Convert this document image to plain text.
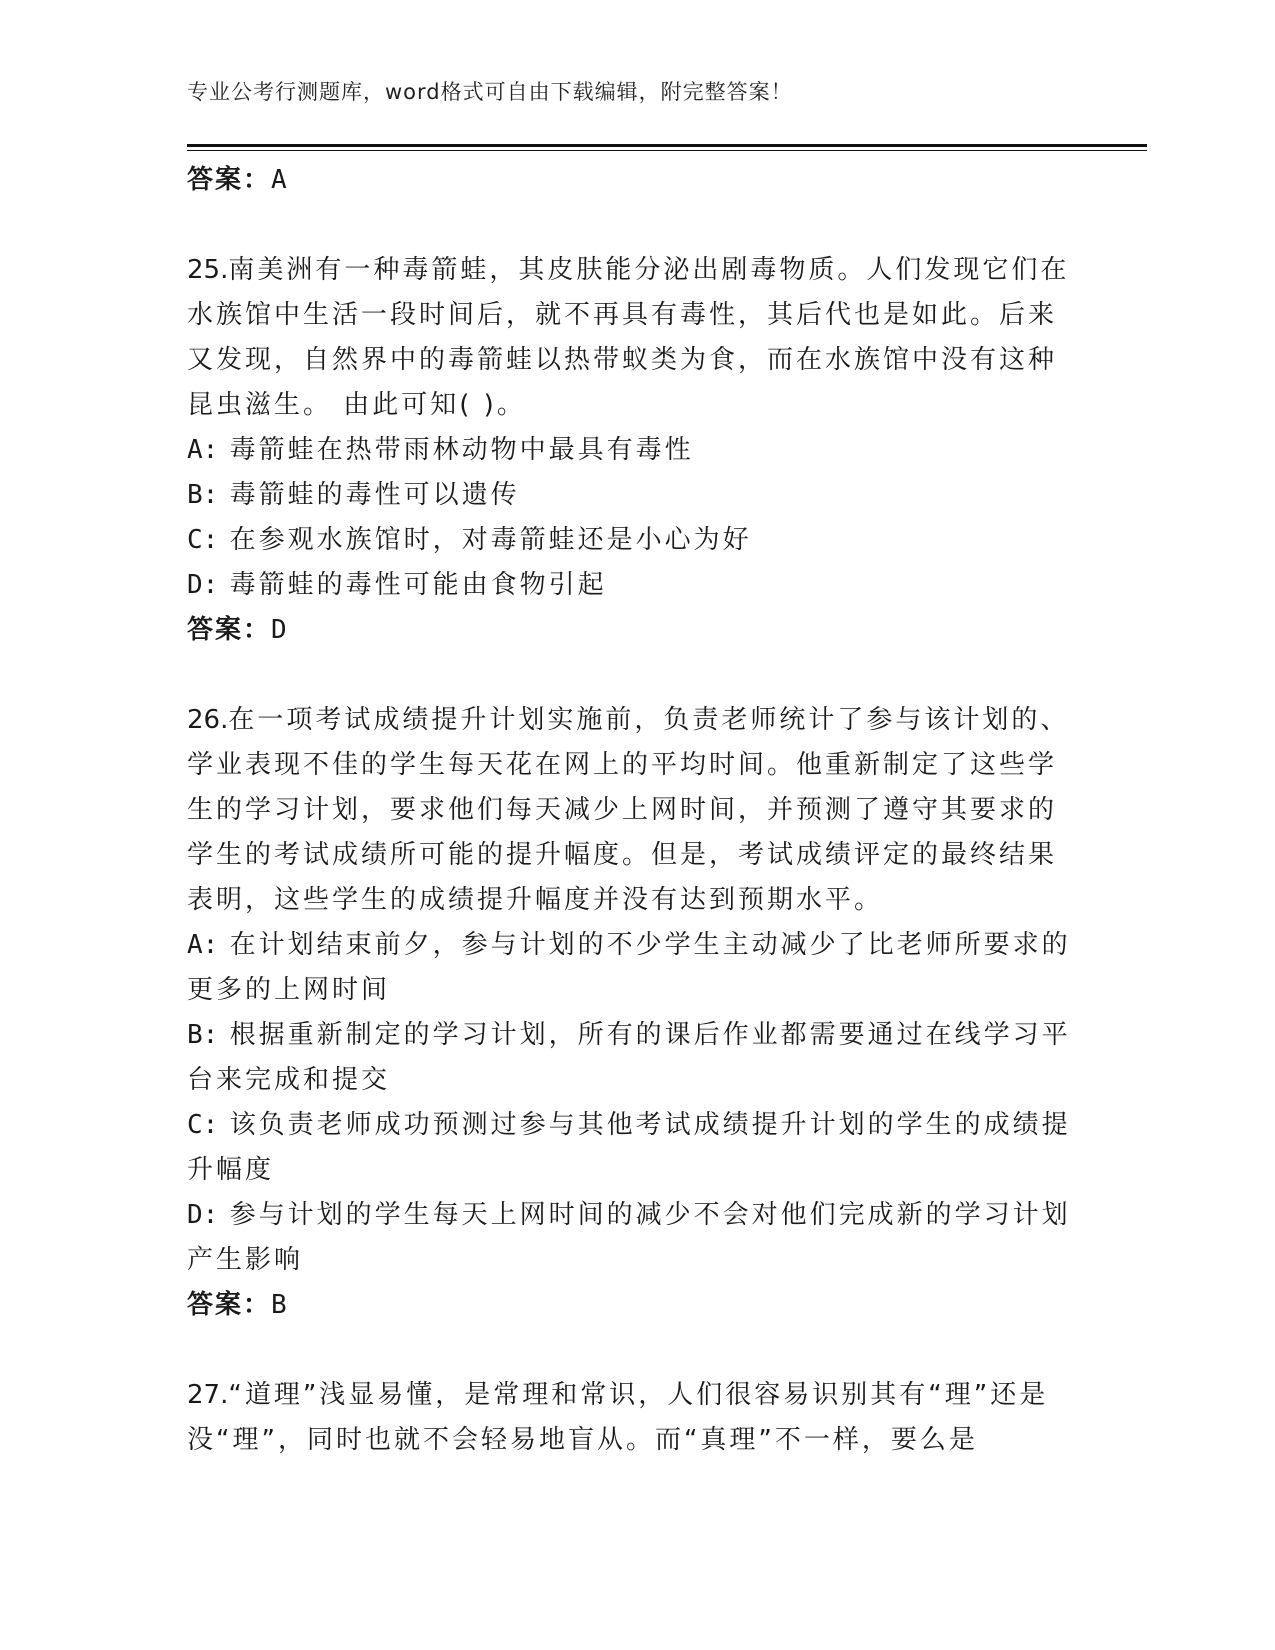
专业公考行测题库，word格式可自由下载编辑，附完整答案！
答案：A

25.南美洲有一种毒箭蛙，其皮肤能分泌出剧毒物质。人们发现它们在水族馆中生活一段时间后，就不再具有毒性，其后代也是如此。后来又发现，自然界中的毒箭蛙以热带蚁类为食，而在水族馆中没有这种昆虫滋生。 由此可知( )。

A: 毒箭蛙在热带雨林动物中最具有毒性

B: 毒箭蛙的毒性可以遗传

C: 在参观水族馆时，对毒箭蛙还是小心为好

D: 毒箭蛙的毒性可能由食物引起

答案：D

26.在一项考试成绩提升计划实施前，负责老师统计了参与该计划的、学业表现不佳的学生每天花在网上的平均时间。他重新制定了这些学生的学习计划，要求他们每天减少上网时间，并预测了遵守其要求的学生的考试成绩所可能的提升幅度。但是，考试成绩评定的最终结果表明，这些学生的成绩提升幅度并没有达到预期水平。

A: 在计划结束前夕，参与计划的不少学生主动减少了比老师所要求的更多的上网时间

B: 根据重新制定的学习计划，所有的课后作业都需要通过在线学习平台来完成和提交

C: 该负责老师成功预测过参与其他考试成绩提升计划的学生的成绩提升幅度

D: 参与计划的学生每天上网时间的减少不会对他们完成新的学习计划产生影响

答案：B

27.“道理”浅显易懂，是常理和常识，人们很容易识别其有“理”还是没“理”，同时也就不会轻易地盲从。而“真理”不一样，要么是
